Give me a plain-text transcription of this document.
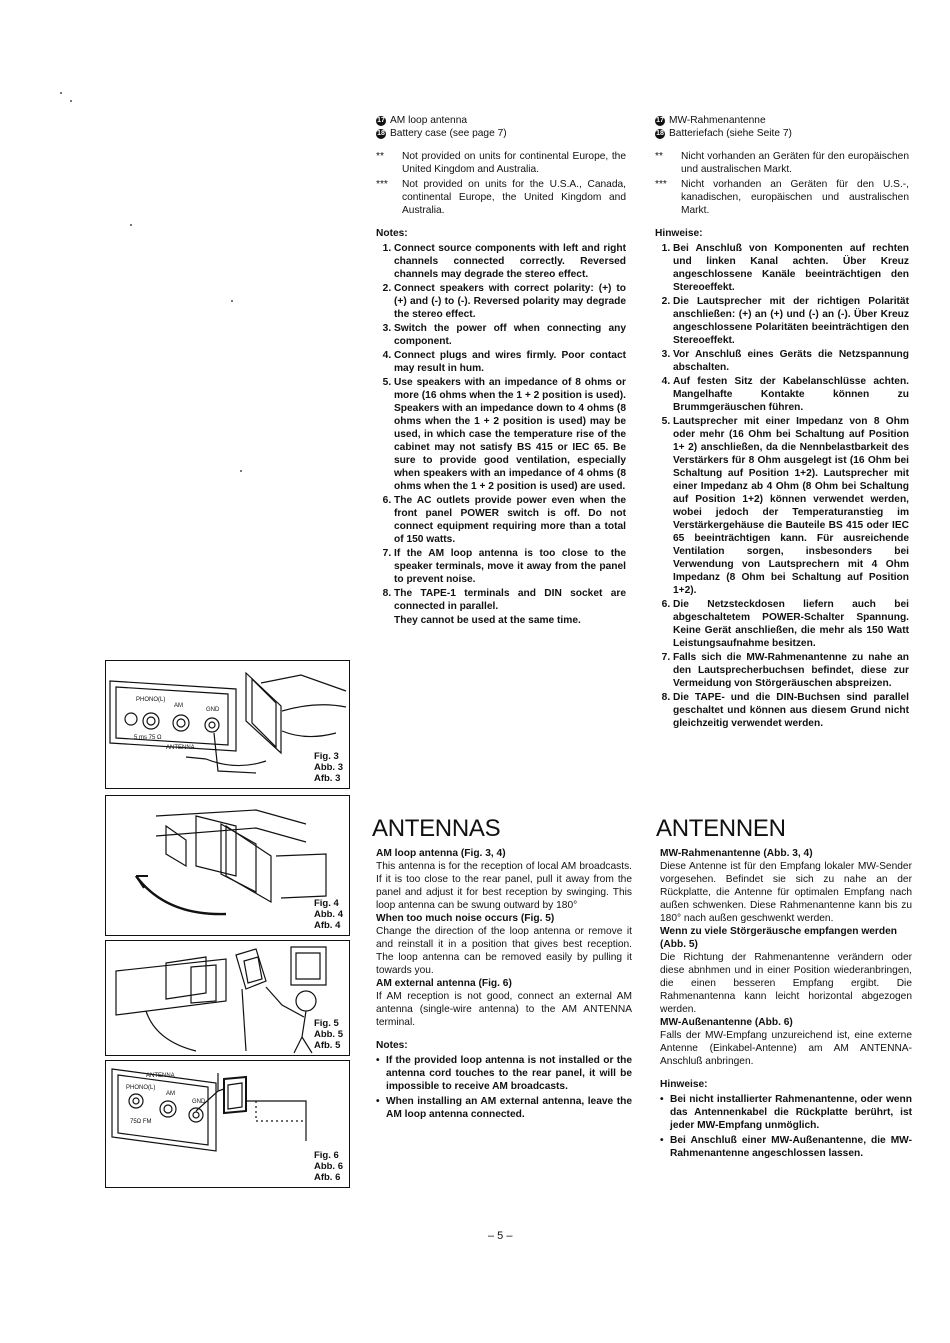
17 AM loop antenna
18 Battery case (see page 7)
**	Not provided on units for continental Europe, the United Kingdom and Australia.
***	Not provided on units for the U.S.A., Canada, continental Europe, the United Kingdom and Australia.
Notes:
1. Connect source components with left and right channels connected correctly. Reversed channels may degrade the stereo effect.
2. Connect speakers with correct polarity: (+) to (+) and (-) to (-). Reversed polarity may degrade the stereo effect.
3. Switch the power off when connecting any component.
4. Connect plugs and wires firmly. Poor contact may result in hum.
5. Use speakers with an impedance of 8 ohms or more (16 ohms when the 1 + 2 position is used). Speakers with an impedance down to 4 ohms (8 ohms when the 1 + 2 position is used) may be used, in which case the temperature rise of the cabinet may not satisfy BS 415 or IEC 65. Be sure to provide good ventilation, especially when speakers with an impedance of 4 ohms (8 ohms when the 1 + 2 position is used) are used.
6. The AC outlets provide power even when the front panel POWER switch is off. Do not connect equipment requiring more than a total of 150 watts.
7. If the AM loop antenna is too close to the speaker terminals, move it away from the panel to prevent noise.
8. The TAPE-1 terminals and DIN socket are connected in parallel.
They cannot be used at the same time.
17 MW-Rahmenantenne
18 Batteriefach (siehe Seite 7)
**	Nicht vorhanden an Geräten für den europäischen und australischen Markt.
***	Nicht vorhanden an Geräten für den U.S.-, kanadischen, europäischen und australischen Markt.
Hinweise:
1. Bei Anschluß von Komponenten auf rechten und linken Kanal achten. Über Kreuz angeschlossene Kanäle beeinträchtigen den Stereoeffekt.
2. Die Lautsprecher mit der richtigen Polarität anschließen: (+) an (+) und (-) an (-). Über Kreuz angeschlossene Polaritäten beeinträchtigen den Stereoeffekt.
3. Vor Anschluß eines Geräts die Netzspannung abschalten.
4. Auf festen Sitz der Kabelanschlüsse achten. Mangelhafte Kontakte können zu Brummgeräuschen führen.
5. Lautsprecher mit einer Impedanz von 8 Ohm oder mehr (16 Ohm bei Schaltung auf Position 1+ 2) anschließen, da die Nennbelastbarkeit des Verstärkers für 8 Ohm ausgelegt ist (16 Ohm bei Schaltung auf Position 1+2). Lautsprecher mit einer Impedanz ab 4 Ohm (8 Ohm bei Schaltung auf Position 1+2) können verwendet werden, wobei jedoch der Temperaturanstieg im Verstärkergehäuse die Bauteile BS 415 oder IEC 65 beeinträchtigen kann. Für ausreichende Ventilation sorgen, insbesonders bei Verwendung von Lautsprechern mit 4 Ohm Impedanz (8 Ohm bei Schaltung auf Position 1+2).
6. Die Netzsteckdosen liefern auch bei abgeschaltetem POWER-Schalter Spannung. Keine Gerät anschließen, die mehr als 150 Watt Leistungsaufnahme besitzen.
7. Falls sich die MW-Rahmenantenne zu nahe an den Lautsprecherbuchsen befindet, diese zur Vermeidung von Störgeräuschen abspreizen.
8. Die TAPE- und die DIN-Buchsen sind parallel geschaltet und können aus diesem Grund nicht gleichzeitig verwendet werden.
PHONO(L)
AM
GND
ANTENNA
5 ms 75 Ω
Fig. 3
Abb. 3
Afb. 3
Fig. 4
Abb. 4
Afb. 4
Fig. 5
Abb. 5
Afb. 5
ANTENNA
PHONO(L)
AM
GND
75Ω FM
Fig. 6
Abb. 6
Afb. 6
ANTENNAS
AM loop antenna (Fig. 3, 4)
This antenna is for the reception of local AM broadcasts. If it is too close to the rear panel, pull it away from the panel and adjust it for best reception by swinging. This loop antenna can be swung outward by 180°
When too much noise occurs (Fig. 5)
Change the direction of the loop antenna or remove it and reinstall it in a position that gives best reception. The loop antenna can be removed easily by pulling it towards you.
AM external antenna (Fig. 6)
If AM reception is not good, connect an external AM antenna (single-wire antenna) to the AM ANTENNA terminal.
Notes:
• If the provided loop antenna is not installed or the antenna cord touches to the rear panel, it will be impossible to receive AM broadcasts.
• When installing an AM external antenna, leave the AM loop antenna connected.
ANTENNEN
MW-Rahmenantenne (Abb. 3, 4)
Diese Antenne ist für den Empfang lokaler MW-Sender vorgesehen. Befindet sie sich zu nahe an der Rückplatte, die Antenne für optimalen Empfang nach außen schwenken. Diese Rahmenantenne kann bis zu 180° nach außen geschwenkt werden.
Wenn zu viele Störgeräusche empfangen werden (Abb. 5)
Die Richtung der Rahmenantenne verändern oder diese abnhmen und in einer Position wiederanbringen, die einen besseren Empfang ergibt. Die Rahmenantenna kann leicht horizontal abgezogen werden.
MW-Außenantenne (Abb. 6)
Falls der MW-Empfang unzureichend ist, eine externe Antenne (Einkabel-Antenne) am AM ANTENNA-Anschluß anbringen.
Hinweise:
• Bei nicht installierter Rahmenantenne, oder wenn das Antennenkabel die Rückplatte berührt, ist jeder MW-Empfang unmöglich.
• Bei Anschluß einer MW-Außenantenne, die MW-Rahmenantenne angeschlossen lassen.
– 5 –
